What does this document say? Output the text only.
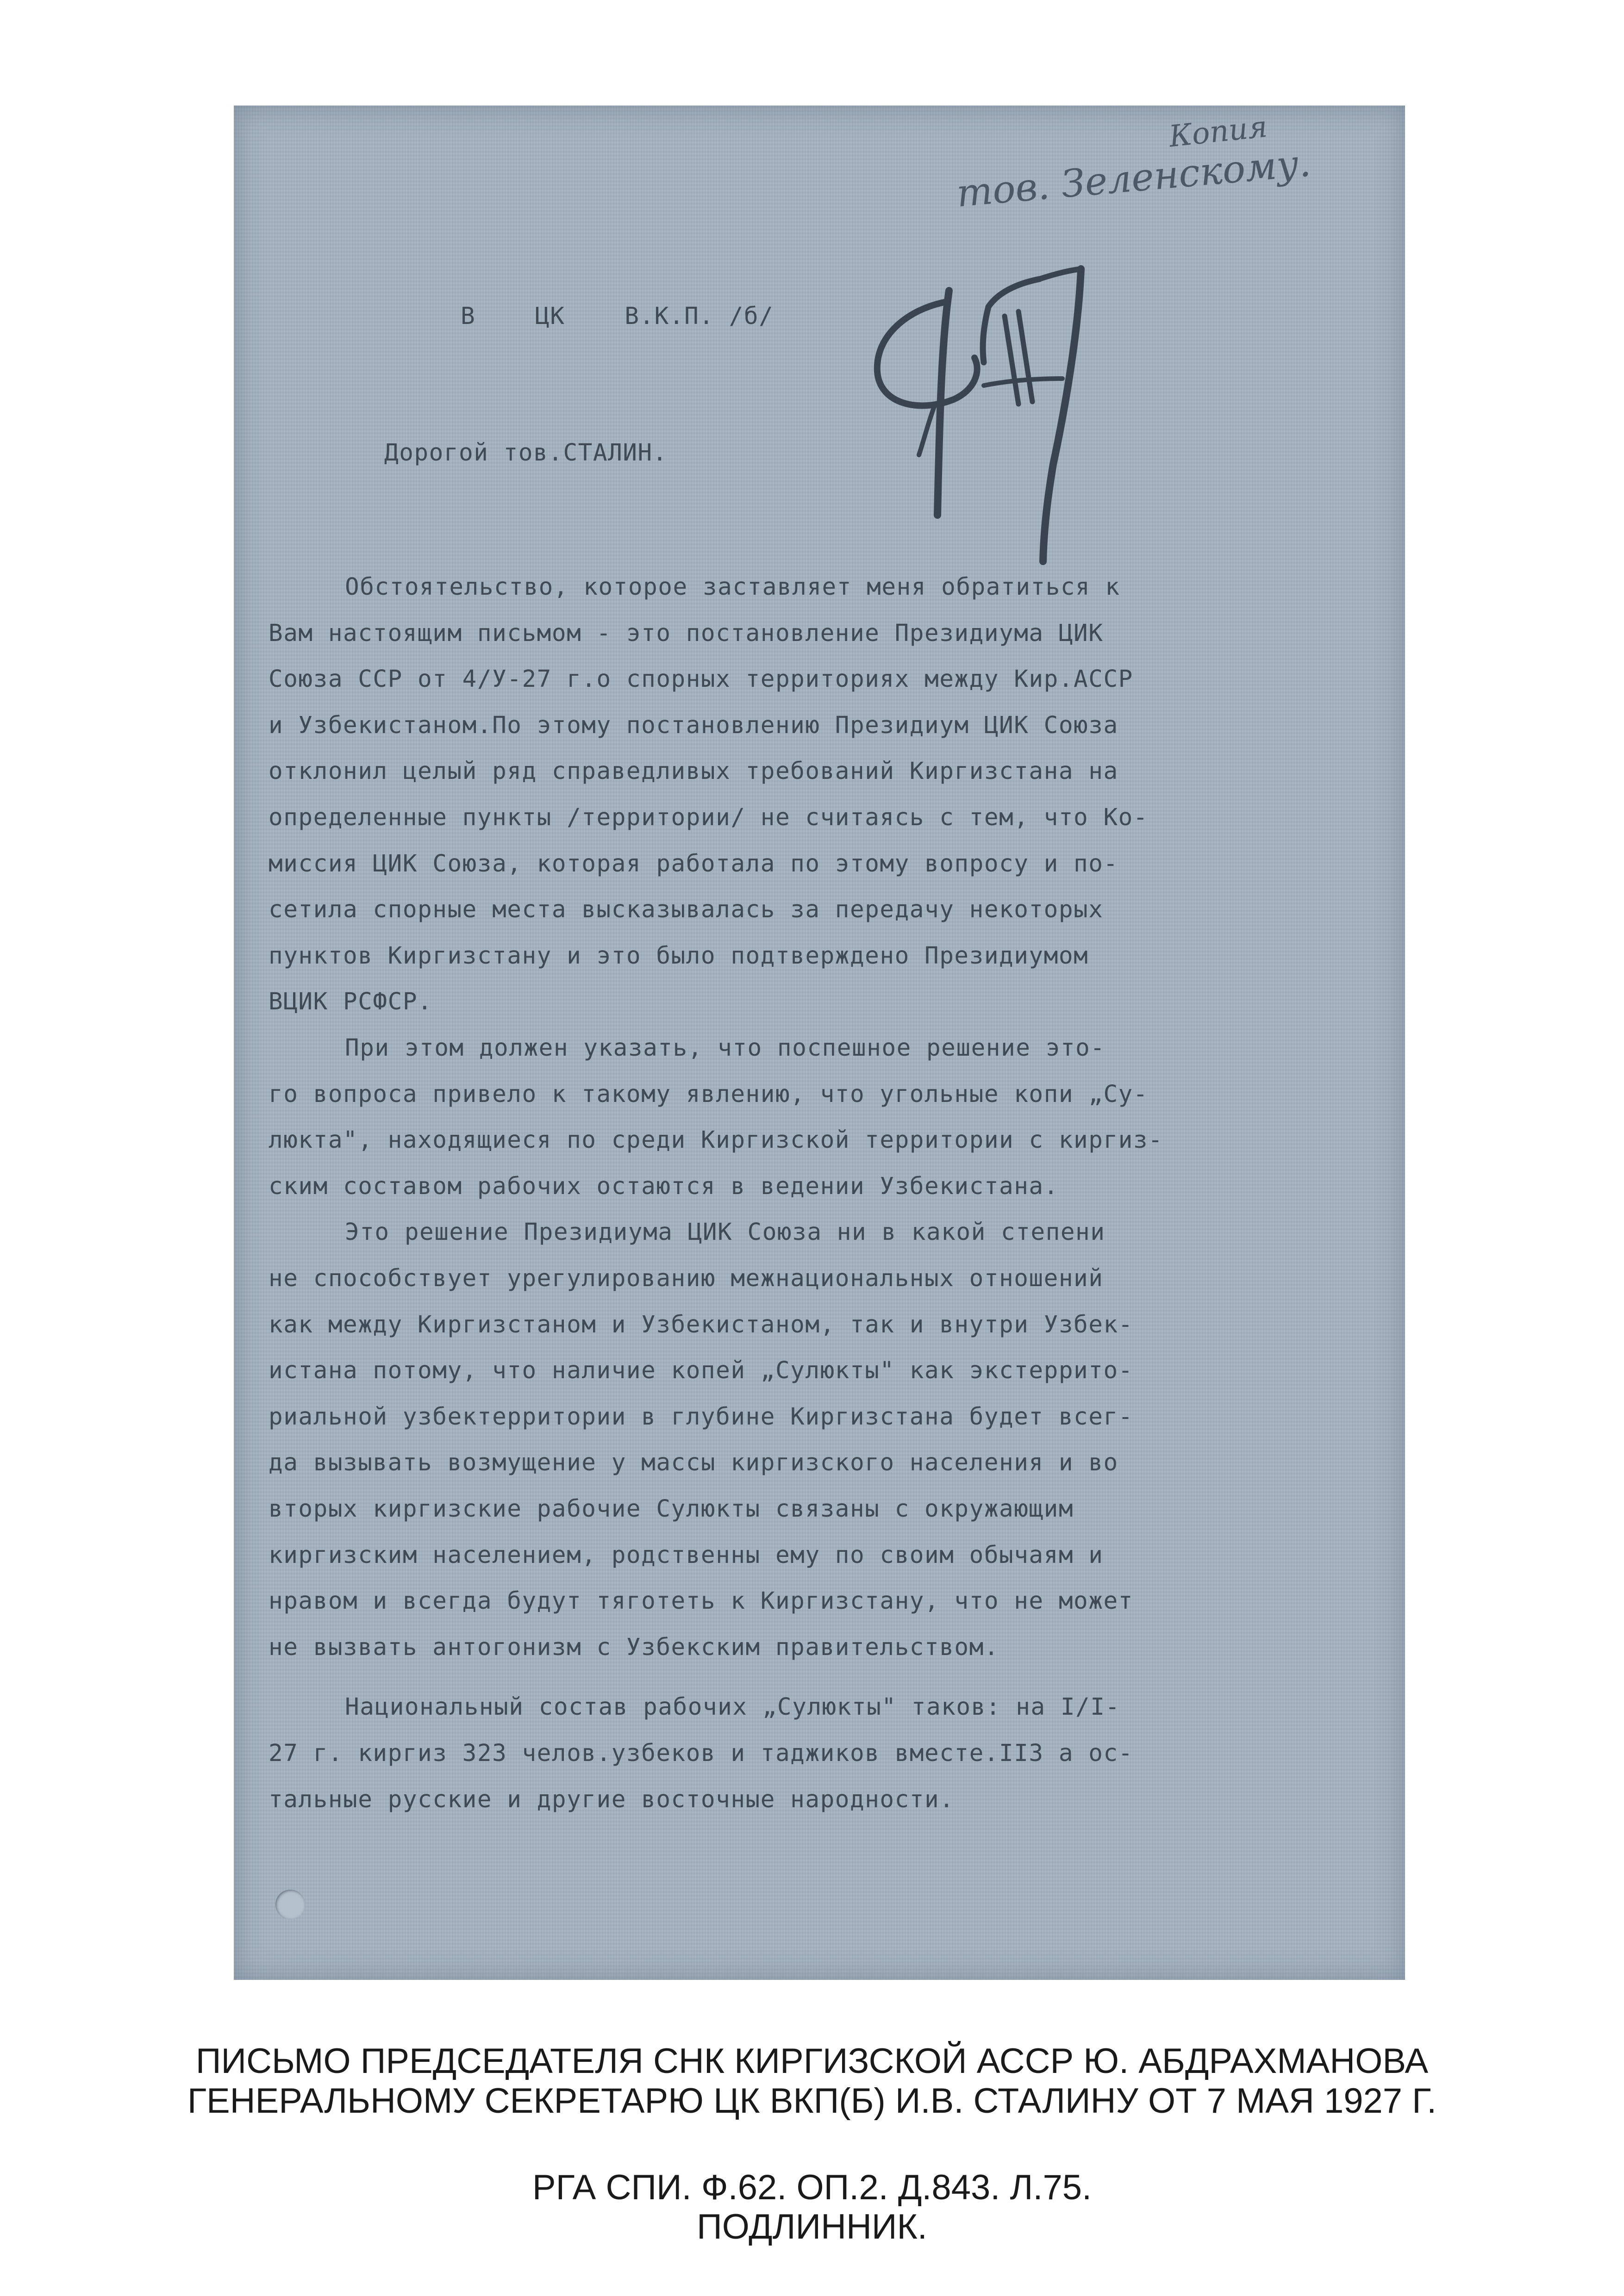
Копия

тов. Зеленскому.

В    ЦК    В.К.П. /б/

Дорогой тов.СТАЛИН.

Обстоятельство, которое заставляет меня обратиться к

Вам настоящим письмом - это постановление Президиума ЦИК

Союза ССР от 4/У-27 г.о спорных территориях между Кир.АССР

и Узбекистаном.По этому постановлению Президиум ЦИК Союза

отклонил целый ряд справедливых требований Киргизстана на

определенные пункты /территории/ не считаясь с тем, что Ко-

миссия ЦИК Союза, которая работала по этому вопросу и по-

сетила спорные места высказывалась за передачу некоторых

пунктов Киргизстану и это было подтверждено Президиумом

ВЦИК РСФСР.

При этом должен указать, что поспешное решение это-

го вопроса привело к такому явлению, что угольные копи „Су-

люкта", находящиеся по среди Киргизской территории с киргиз-

ским составом рабочих остаются в ведении Узбекистана.

Это решение Президиума ЦИК Союза ни в какой степени

не способствует урегулированию межнациональных отношений

как между Киргизстаном и Узбекистаном, так и внутри Узбек-

истана потому, что наличие копей „Сулюкты" как экстеррито-

риальной узбектерритории в глубине Киргизстана будет всег-

да вызывать возмущение у массы киргизского населения и во

вторых киргизские рабочие Сулюкты связаны с окружающим

киргизским населением, родственны ему по своим обычаям и

нравом и всегда будут тяготеть к Киргизстану, что не может

не вызвать антогонизм с Узбекским правительством.

Национальный состав рабочих „Сулюкты" таков: на I/I-

27 г. киргиз 323 челов.узбеков и таджиков вместе.II3 а ос-

тальные русские и другие восточные народности.

ПИСЬМО ПРЕДСЕДАТЕЛЯ СНК КИРГИЗСКОЙ АССР Ю. АБДРАХМАНОВА

ГЕНЕРАЛЬНОМУ СЕКРЕТАРЮ ЦК ВКП(Б) И.В. СТАЛИНУ ОТ 7 МАЯ 1927 Г.

РГА СПИ. Ф.62. ОП.2. Д.843. Л.75.

ПОДЛИННИК.
